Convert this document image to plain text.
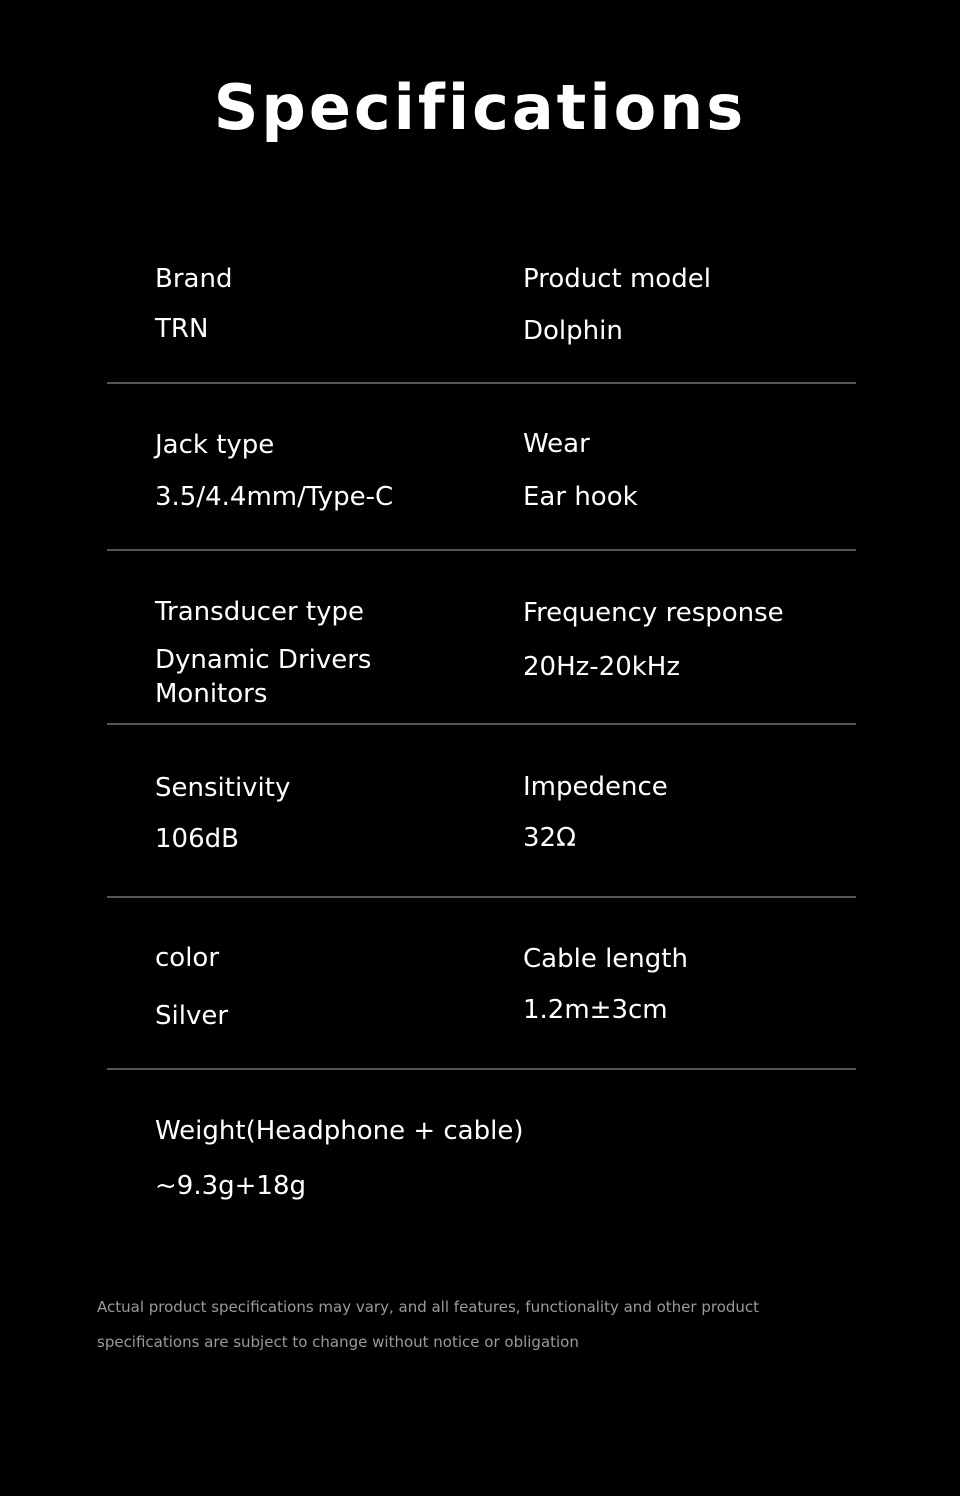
Specifications
Brand
TRN
Product model
Dolphin
Jack type
3.5/4.4mm/Type-C
Wear
Ear hook
Transducer type
Dynamic Drivers
Monitors
Frequency response
20Hz-20kHz
Sensitivity
106dB
Impedence
32Ω
color
Silver
Cable length
1.2m±3cm
Weight(Headphone + cable)
~9.3g+18g
Actual product specifications may vary, and all features, functionality and other product
specifications are subject to change without notice or obligation
